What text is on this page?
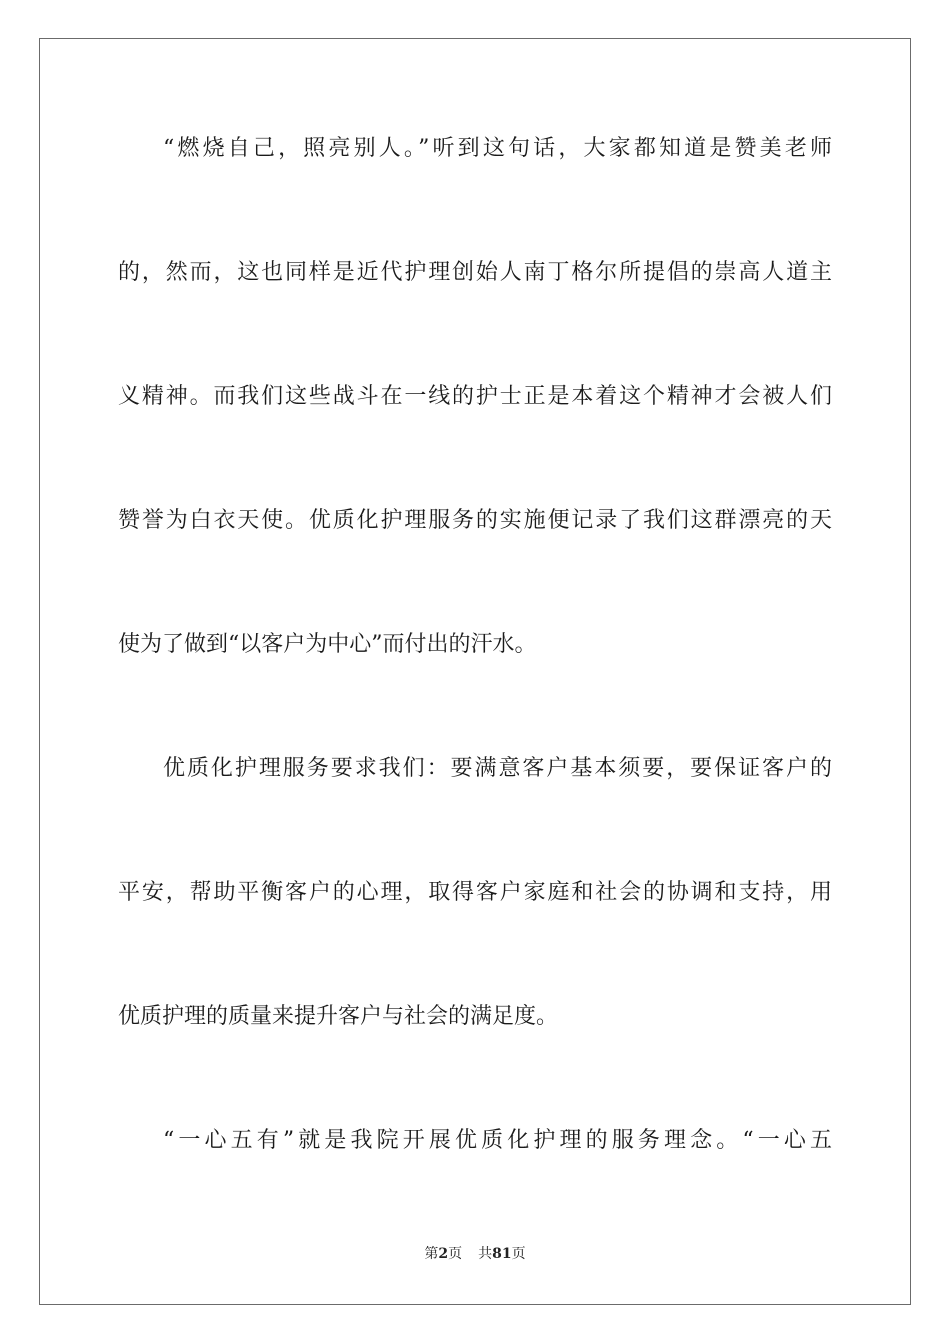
“燃烧自己，照亮别人。”听到这句话，大家都知道是赞美老师
的，然而，这也同样是近代护理创始人南丁格尔所提倡的崇高人道主
义精神。而我们这些战斗在一线的护士正是本着这个精神才会被人们
赞誉为白衣天使。优质化护理服务的实施便记录了我们这群漂亮的天
使为了做到“以客户为中心”而付出的汗水。
优质化护理服务要求我们：要满意客户基本须要，要保证客户的
平安，帮助平衡客户的心理，取得客户家庭和社会的协调和支持，用
优质护理的质量来提升客户与社会的满足度。
“一心五有”就是我院开展优质化护理的服务理念。“一心五
第2页 共81页
